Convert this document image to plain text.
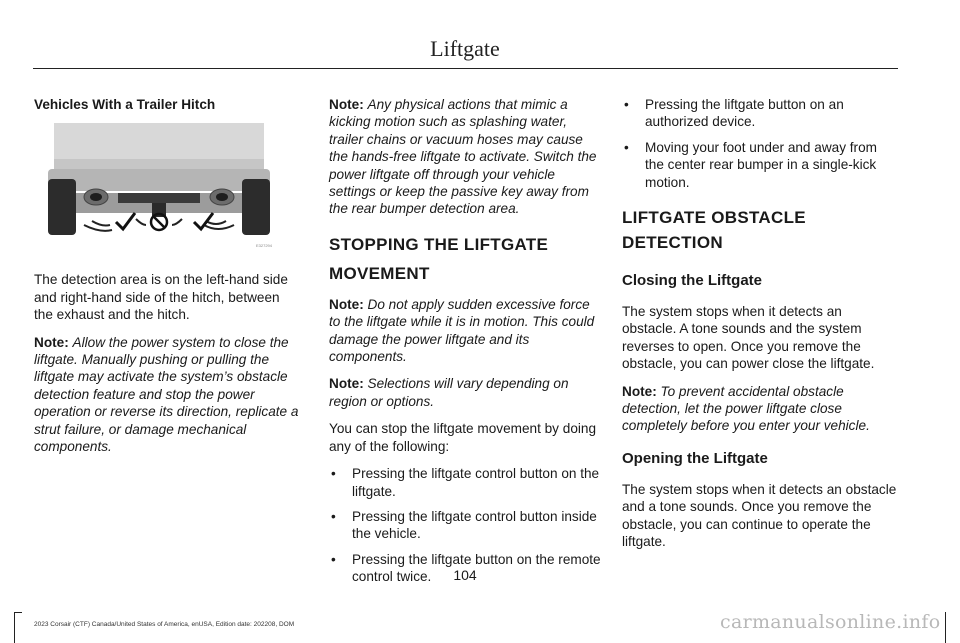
Liftgate
Vehicles With a Trailer Hitch
E327294

The detection area is on the left-hand side and right-hand side of the hitch, between the exhaust and the hitch.

Note: Allow the power system to close the liftgate. Manually pushing or pulling the liftgate may activate the system’s obstacle detection feature and stop the power operation or reverse its direction, replicate a strut failure, or damage mechanical components.

Note: Any physical actions that mimic a kicking motion such as splashing water, trailer chains or vacuum hoses may cause the hands-free liftgate to activate. Switch the power liftgate off through your vehicle settings or keep the passive key away from the rear bumper detection area.

STOPPING THE LIFTGATE
MOVEMENT

Note: Do not apply sudden excessive force to the liftgate while it is in motion. This could damage the power liftgate and its components.

Note: Selections will vary depending on region or options.

You can stop the liftgate movement by doing any of the following:

• Pressing the liftgate control button on the liftgate.
• Pressing the liftgate control button inside the vehicle.
• Pressing the liftgate button on the remote control twice.
• Pressing the liftgate button on an authorized device.
• Moving your foot under and away from the center rear bumper in a single-kick motion.
LIFTGATE OBSTACLE DETECTION
Closing the Liftgate

The system stops when it detects an obstacle. A tone sounds and the system reverses to open. Once you remove the obstacle, you can power close the liftgate.

Note: To prevent accidental obstacle detection, let the power liftgate close completely before you enter your vehicle.

Opening the Liftgate

The system stops when it detects an obstacle and a tone sounds. Once you remove the obstacle, you can continue to operate the liftgate.

104
2023 Corsair (CTF) Canada/United States of America, enUSA, Edition date: 202208, DOM	carmanualsonline.info
